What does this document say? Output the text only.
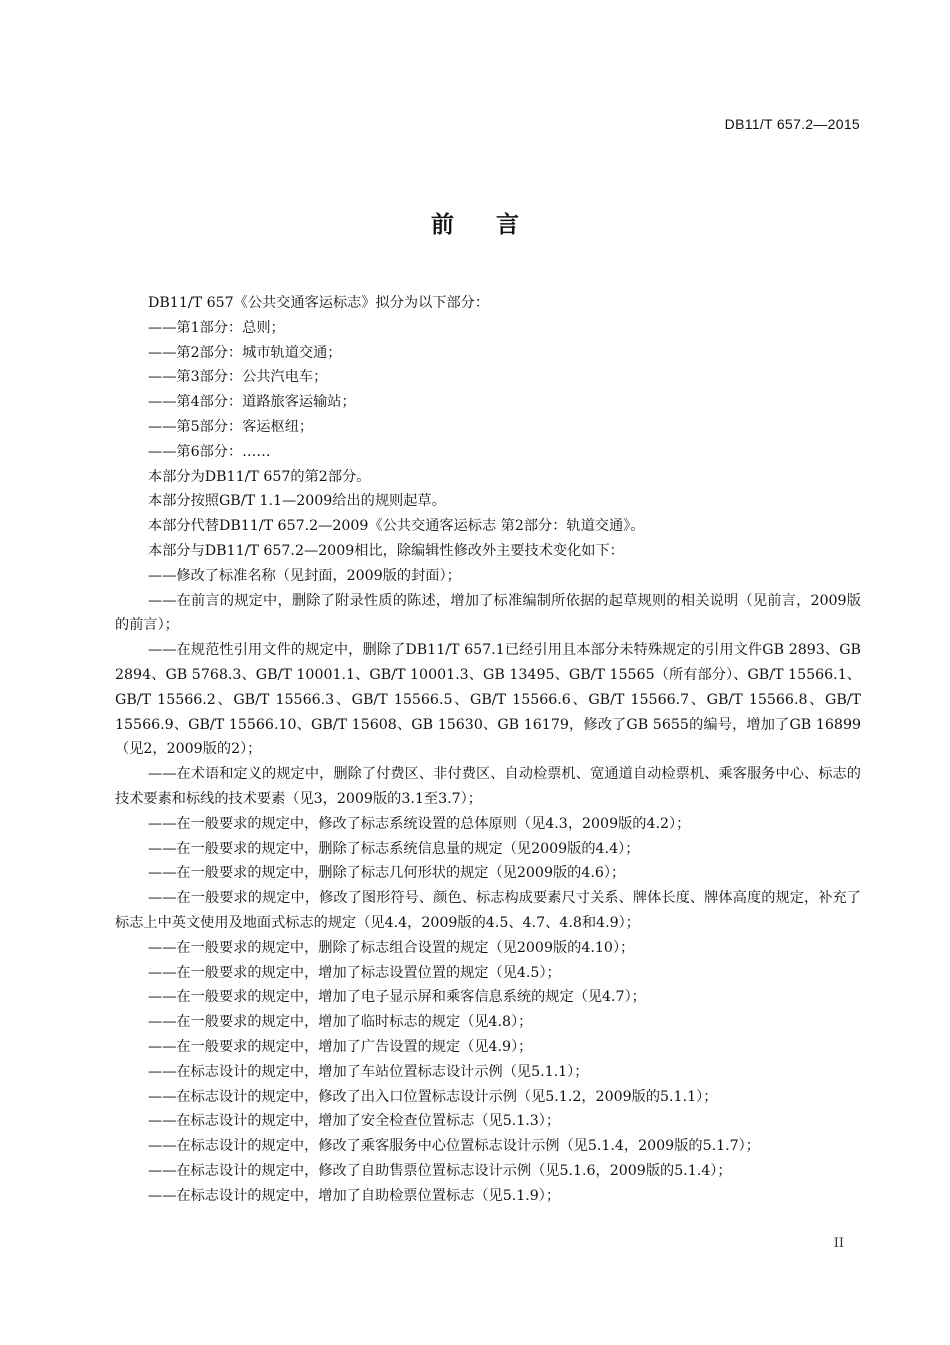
DB11/T 657.2—2015
前言

DB11/T 657《公共交通客运标志》拟分为以下部分：

——第1部分：总则；

——第2部分：城市轨道交通；

——第3部分：公共汽电车；

——第4部分：道路旅客运输站；

——第5部分：客运枢纽；

——第6部分：……

本部分为DB11/T 657的第2部分。

本部分按照GB/T 1.1—2009给出的规则起草。

本部分代替DB11/T 657.2—2009《公共交通客运标志 第2部分：轨道交通》。

本部分与DB11/T 657.2—2009相比，除编辑性修改外主要技术变化如下：

——修改了标准名称（见封面，2009版的封面）；

——在前言的规定中，删除了附录性质的陈述，增加了标准编制所依据的起草规则的相关说明（见前言，2009版的前言）；

——在规范性引用文件的规定中，删除了DB11/T 657.1已经引用且本部分未特殊规定的引用文件GB 2893、GB 2894、GB 5768.3、GB/T 10001.1、GB/T 10001.3、GB 13495、GB/T 15565（所有部分）、GB/T 15566.1、GB/T 15566.2、GB/T 15566.3、GB/T 15566.5、GB/T 15566.6、GB/T 15566.7、GB/T 15566.8、GB/T 15566.9、GB/T 15566.10、GB/T 15608、GB 15630、GB 16179，修改了GB 5655的编号，增加了GB 16899（见2，2009版的2）；

——在术语和定义的规定中，删除了付费区、非付费区、自动检票机、宽通道自动检票机、乘客服务中心、标志的技术要素和标线的技术要素（见3，2009版的3.1至3.7）；

——在一般要求的规定中，修改了标志系统设置的总体原则（见4.3，2009版的4.2）；

——在一般要求的规定中，删除了标志系统信息量的规定（见2009版的4.4）；

——在一般要求的规定中，删除了标志几何形状的规定（见2009版的4.6）；

——在一般要求的规定中，修改了图形符号、颜色、标志构成要素尺寸关系、牌体长度、牌体高度的规定，补充了标志上中英文使用及地面式标志的规定（见4.4，2009版的4.5、4.7、4.8和4.9）；

——在一般要求的规定中，删除了标志组合设置的规定（见2009版的4.10）；

——在一般要求的规定中，增加了标志设置位置的规定（见4.5）；

——在一般要求的规定中，增加了电子显示屏和乘客信息系统的规定（见4.7）；

——在一般要求的规定中，增加了临时标志的规定（见4.8）；

——在一般要求的规定中，增加了广告设置的规定（见4.9）；

——在标志设计的规定中，增加了车站位置标志设计示例（见5.1.1）；

——在标志设计的规定中，修改了出入口位置标志设计示例（见5.1.2，2009版的5.1.1）；

——在标志设计的规定中，增加了安全检查位置标志（见5.1.3）；

——在标志设计的规定中，修改了乘客服务中心位置标志设计示例（见5.1.4，2009版的5.1.7）；

——在标志设计的规定中，修改了自助售票位置标志设计示例（见5.1.6，2009版的5.1.4）；

——在标志设计的规定中，增加了自助检票位置标志（见5.1.9）；

II
